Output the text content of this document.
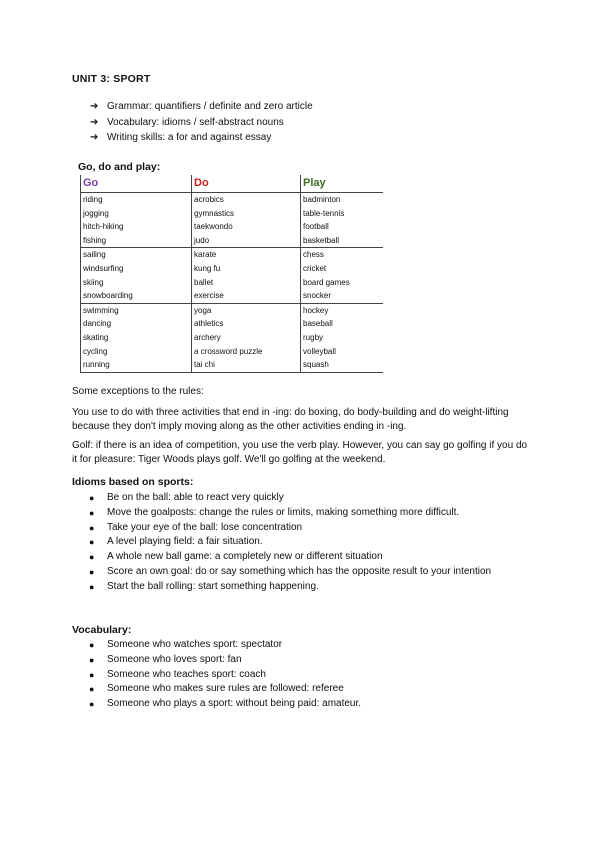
UNIT 3: SPORT
➔ Grammar: quantifiers / definite and zero article
➔ Vocabulary: idioms / self-abstract nouns
➔ Writing skills: a for and against essay
Go, do and play:
Go	Do	Play
riding	acrobics	badminton
jogging	gymnastics	table-tennis
hitch-hiking	taekwondo	football
fishing	judo	basketball
sailing	karate	chess
windsurfing	kung fu	cricket
skiing	ballet	board games
snowboarding	exercise	snocker
swimming	yoga	hockey
dancing	athletics	baseball
skating	archery	rugby
cycling	a crossword puzzle	volleyball
running	tai chi	squash

Some exceptions to the rules:

You use to do with three activities that end in -ing: do boxing, do body-building and do weight-lifting because they don't imply moving along as the other activities ending in -ing.

Golf: if there is an idea of competition, you use the verb play. However, you can say go golfing if you do it for pleasure: Tiger Woods plays golf. We'll go golfing at the weekend.

Idioms based on sports:
● Be on the ball: able to react very quickly
● Move the goalposts: change the rules or limits, making something more difficult.
● Take your eye of the ball: lose concentration
● A level playing field: a fair situation.
● A whole new ball game: a completely new or different situation
● Score an own goal: do or say something which has the opposite result to your intention
● Start the ball rolling: start something happening.
Vocabulary:
● Someone who watches sport: spectator
● Someone who loves sport: fan
● Someone who teaches sport: coach
● Someone who makes sure rules are followed: referee
● Someone who plays a sport: without being paid: amateur.
